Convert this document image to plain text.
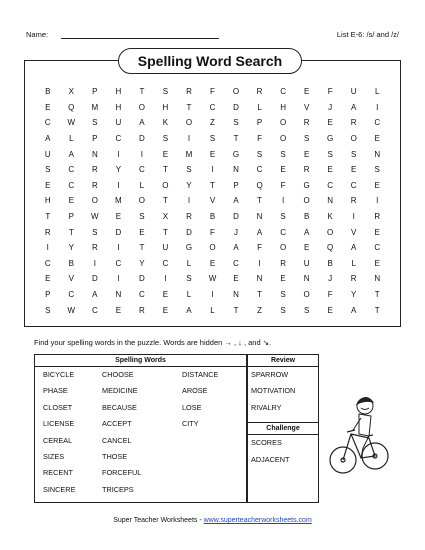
Name:	List E-6: /s/ and /z/
Spelling Word Search
B	X	P	H	T	S	R	F	O	R	C	E	F	U	L
E	Q	M	H	O	H	T	C	D	L	H	V	J	A	I
C	W	S	U	A	K	O	Z	S	P	O	R	E	R	C
A	L	P	C	D	S	I	S	T	F	O	S	G	O	E
U	A	N	I	I	E	M	E	G	S	S	E	S	S	N
S	C	R	Y	C	T	S	I	N	C	E	R	E	E	S
E	C	R	I	L	O	Y	T	P	Q	F	G	C	C	E
H	E	O	M	O	T	I	V	A	T	I	O	N	R	I
T	P	W	E	S	X	R	B	D	N	S	B	K	I	R
R	T	S	D	E	T	D	F	J	A	C	A	O	V	E
I	Y	R	I	T	U	G	O	A	F	O	E	Q	A	C
C	B	I	C	Y	C	L	E	C	I	R	U	B	L	E
E	V	D	I	D	I	S	W	E	N	E	N	J	R	N
P	C	A	N	C	E	L	I	N	T	S	O	F	Y	T
S	W	C	E	R	E	A	L	T	Z	S	S	E	A	T
Find your spelling words in the puzzle. Words are hidden → , ↓ , and ↘.
Spelling Words
BICYCLE
PHASE
CLOSET
LICENSE
CEREAL
SIZES
RECENT
SINCERE
CHOOSE
MEDICINE
BECAUSE
ACCEPT
CANCEL
THOSE
FORCEFUL
TRICEPS
DISTANCE
AROSE
LOSE
CITY
Review
SPARROW
MOTIVATION
RIVALRY
Challenge
SCORES
ADJACENT
Super Teacher Worksheets - www.superteacherworksheets.com
